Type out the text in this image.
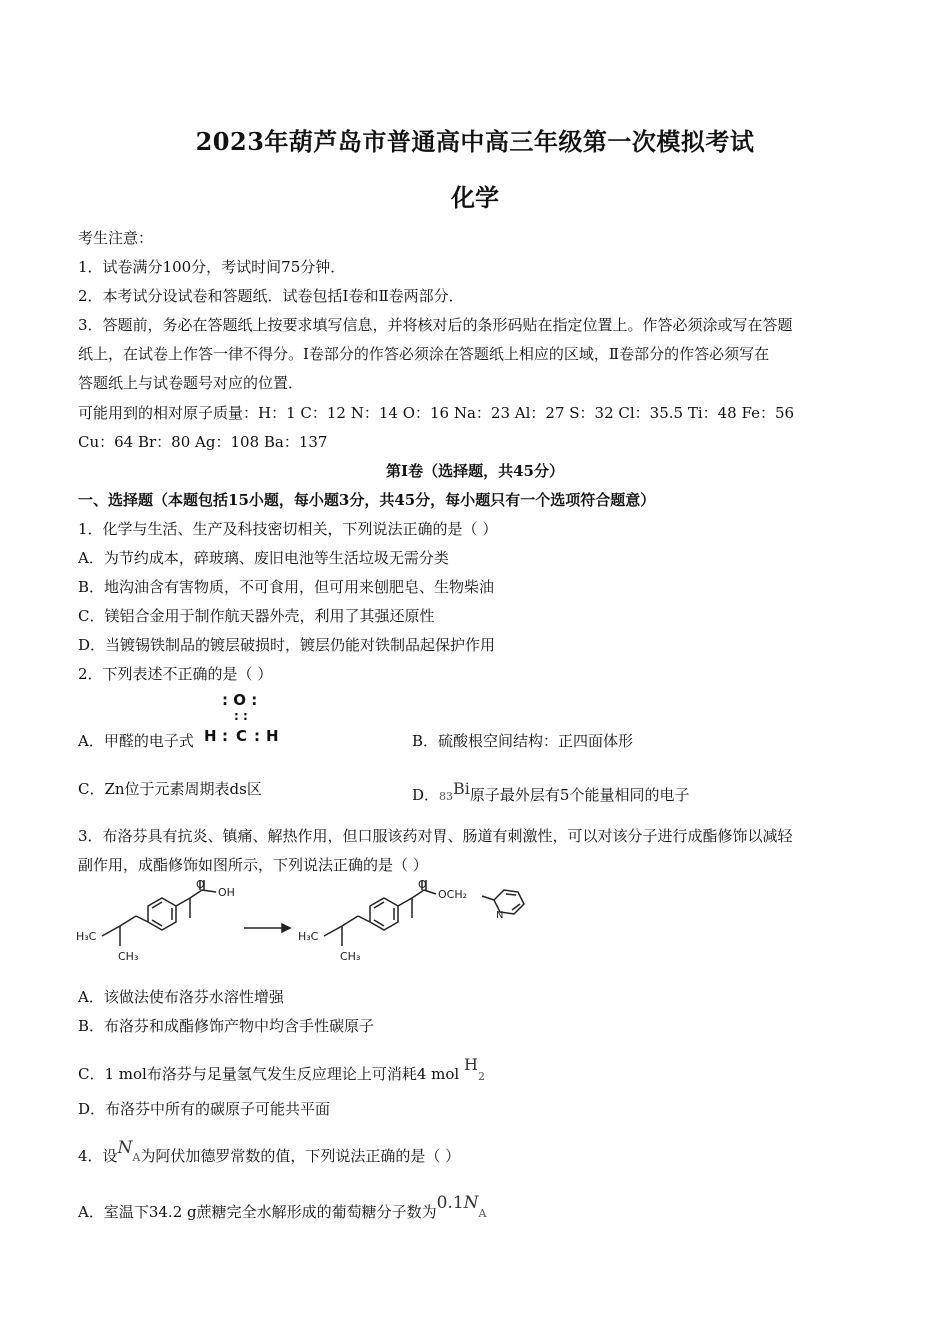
2023年葫芦岛市普通高中高三年级第一次模拟考试
化学
考生注意：
1．试卷满分100分，考试时间75分钟．
2．本考试分设试卷和答题纸．试卷包括Ⅰ卷和Ⅱ卷两部分．
3．答题前，务必在答题纸上按要求填写信息，并将核对后的条形码贴在指定位置上。作答必须涂或写在答题
纸上，在试卷上作答一律不得分。Ⅰ卷部分的作答必须涂在答题纸上相应的区域，Ⅱ卷部分的作答必须写在
答题纸上与试卷题号对应的位置．
可能用到的相对原子质量：H：1 C：12 N：14 O：16 Na：23 Al：27 S：32 Cl：35.5 Ti：48 Fe：56
Cu：64 Br：80 Ag：108 Ba：137
第Ⅰ卷（选择题，共45分）
一、选择题（本题包括15小题，每小题3分，共45分，每小题只有一个选项符合题意）
1．化学与生活、生产及科技密切相关，下列说法正确的是（ ）
A．为节约成本，碎玻璃、废旧电池等生活垃圾无需分类
B．地沟油含有害物质，不可食用，但可用来刨肥皂、生物柴油
C．镁铝合金用于制作航天器外壳，利用了其强还原性
D．当镀锡铁制品的镀层破损时，镀层仍能对铁制品起保护作用
2．下列表述不正确的是（ ）
A．甲醛的电子式
: O :
: :
H : C : H	B．硫酸根空间结构：正四面体形
C．Zn位于元素周期表ds区	D．83Bi原子最外层有5个能量相同的电子
3．布洛芬具有抗炎、镇痛、解热作用，但口服该药对胃、肠道有刺激性，可以对该分子进行成酯修饰以减轻
副作用，成酯修饰如图所示，下列说法正确的是（ ）
H₃C
CH₃
O
OH
H₃C
CH₃
O
OCH₂
N
A．该做法使布洛芬水溶性增强
B．布洛芬和成酯修饰产物中均含手性碳原子
C．1 mol布洛芬与足量氢气发生反应理论上可消耗4 mol H2
D．布洛芬中所有的碳原子可能共平面
4．设NA为阿伏加德罗常数的值，下列说法正确的是（ ）
A．室温下34.2 g蔗糖完全水解形成的葡萄糖分子数为0.1NA
